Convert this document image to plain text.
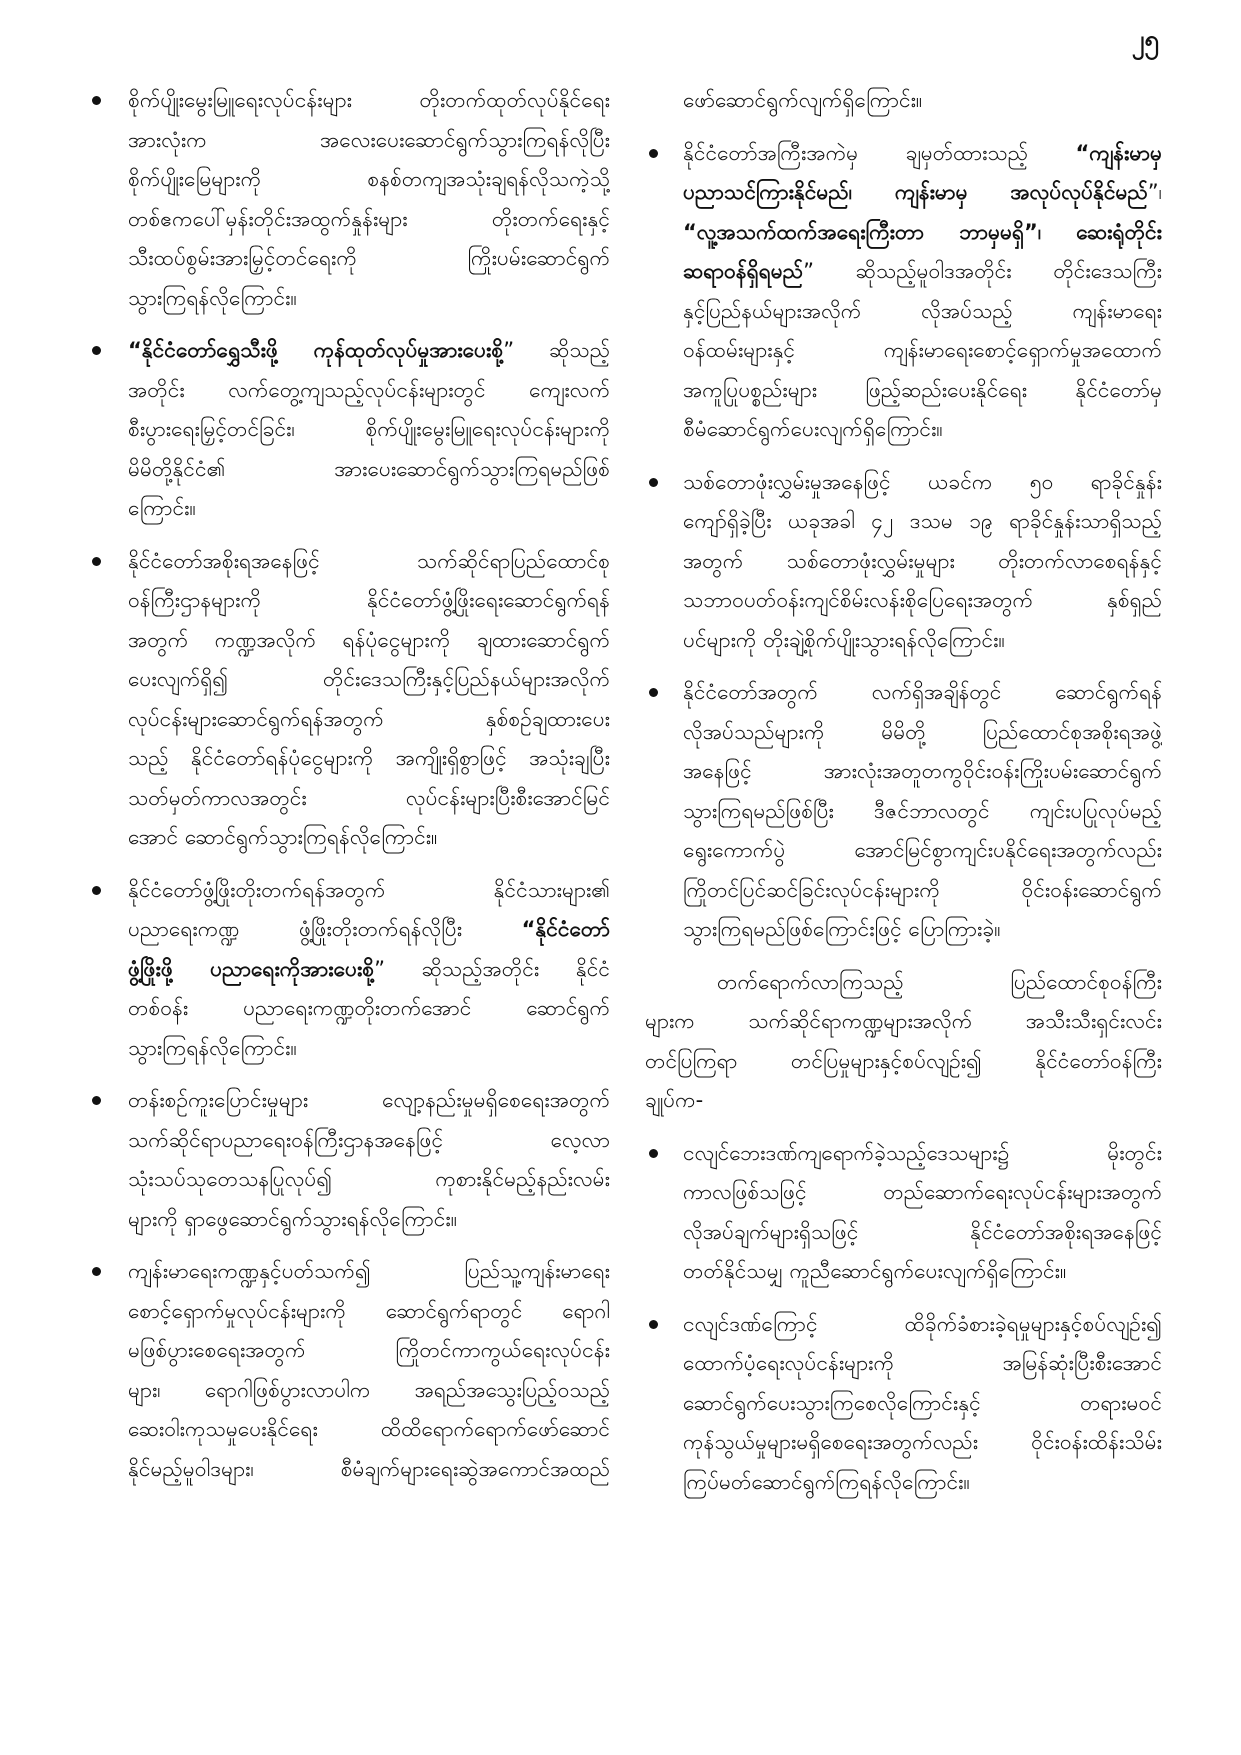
၂၅
စိုက်ပျိုးမွေးမြူရေးလုပ်ငန်းများ တိုးတက်ထုတ်လုပ်နိုင်ရေး
အားလုံးက အလေးပေးဆောင်ရွက်သွားကြရန်လိုပြီး
စိုက်ပျိုးမြေများကို စနစ်တကျအသုံးချရန်လိုသကဲ့သို့
တစ်ဧကပေါ်မှန်းတိုင်းအထွက်နှုန်းများ တိုးတက်ရေးနှင့်
သီးထပ်စွမ်းအားမြှင့်တင်ရေးကို ကြိုးပမ်းဆောင်ရွက်
သွားကြရန်လိုကြောင်း။
“နိုင်ငံတော်ရွှေသီးဖို့ ကုန်ထုတ်လုပ်မှုအားပေးစို့” ဆိုသည့်
အတိုင်း လက်တွေ့ကျသည့်လုပ်ငန်းများတွင် ကျေးလက်
စီးပွားရေးမြှင့်တင်ခြင်း၊ စိုက်ပျိုးမွေးမြူရေးလုပ်ငန်းများကို
မိမိတို့နိုင်ငံ၏ အားပေးဆောင်ရွက်သွားကြရမည်ဖြစ်
ကြောင်း။
နိုင်ငံတော်အစိုးရအနေဖြင့် သက်ဆိုင်ရာပြည်ထောင်စု
ဝန်ကြီးဌာနများကို နိုင်ငံတော်ဖွံ့ဖြိုးရေးဆောင်ရွက်ရန်
အတွက် ကဏ္ဍအလိုက် ရန်ပုံငွေများကို ချထားဆောင်ရွက်
ပေးလျက်ရှိ၍ တိုင်းဒေသကြီးနှင့်ပြည်နယ်များအလိုက်
လုပ်ငန်းများဆောင်ရွက်ရန်အတွက် နှစ်စဉ်ချထားပေး
သည့် နိုင်ငံတော်ရန်ပုံငွေများကို အကျိုးရှိစွာဖြင့် အသုံးချပြီး
သတ်မှတ်ကာလအတွင်း လုပ်ငန်းများပြီးစီးအောင်မြင်
အောင် ဆောင်ရွက်သွားကြရန်လိုကြောင်း။
နိုင်ငံတော်ဖွံ့ဖြိုးတိုးတက်ရန်အတွက် နိုင်ငံသားများ၏
ပညာရေးကဏ္ဍ ဖွံ့ဖြိုးတိုးတက်ရန်လိုပြီး “နိုင်ငံတော်
ဖွံ့ဖြိုးဖို့ ပညာရေးကိုအားပေးစို့” ဆိုသည့်အတိုင်း နိုင်ငံ
တစ်ဝန်း ပညာရေးကဏ္ဍတိုးတက်အောင် ဆောင်ရွက်
သွားကြရန်လိုကြောင်း။
တန်းစဉ်ကူးပြောင်းမှုများ လျော့နည်းမှုမရှိစေရေးအတွက်
သက်ဆိုင်ရာပညာရေးဝန်ကြီးဌာနအနေဖြင့် လေ့လာ
သုံးသပ်သုတေသနပြုလုပ်၍ ကုစားနိုင်မည့်နည်းလမ်း
များကို ရှာဖွေဆောင်ရွက်သွားရန်လိုကြောင်း။
ကျန်းမာရေးကဏ္ဍနှင့်ပတ်သက်၍ ပြည်သူ့ကျန်းမာရေး
စောင့်ရှောက်မှုလုပ်ငန်းများကို ဆောင်ရွက်ရာတွင် ရောဂါ
မဖြစ်ပွားစေရေးအတွက် ကြိုတင်ကာကွယ်ရေးလုပ်ငန်း
များ၊ ရောဂါဖြစ်ပွားလာပါက အရည်အသွေးပြည့်ဝသည့်
ဆေးဝါးကုသမှုပေးနိုင်ရေး ထိထိရောက်ရောက်ဖော်ဆောင်
နိုင်မည့်မူဝါဒများ၊ စီမံချက်များရေးဆွဲအကောင်အထည်
ဖော်ဆောင်ရွက်လျက်ရှိကြောင်း။
နိုင်ငံတော်အကြီးအကဲမှ ချမှတ်ထားသည့် “ကျန်းမာမှ
ပညာသင်ကြားနိုင်မည်၊ ကျန်းမာမှ အလုပ်လုပ်နိုင်မည်”၊
“လူ့အသက်ထက်အရေးကြီးတာ ဘာမှမရှိ”၊ ဆေးရုံတိုင်း
ဆရာဝန်ရှိရမည်” ဆိုသည့်မူဝါဒအတိုင်း တိုင်းဒေသကြီး
နှင့်ပြည်နယ်များအလိုက် လိုအပ်သည့် ကျန်းမာရေး
ဝန်ထမ်းများနှင့် ကျန်းမာရေးစောင့်ရှောက်မှုအထောက်
အကူပြုပစ္စည်းများ ဖြည့်ဆည်းပေးနိုင်ရေး နိုင်ငံတော်မှ
စီမံဆောင်ရွက်ပေးလျက်ရှိကြောင်း။
သစ်တောဖုံးလွှမ်းမှုအနေဖြင့် ယခင်က ၅၀ ရာခိုင်နှုန်း
ကျော်ရှိခဲ့ပြီး ယခုအခါ ၄၂ ဒသမ ၁၉ ရာခိုင်နှုန်းသာရှိသည့်
အတွက် သစ်တောဖုံးလွှမ်းမှုများ တိုးတက်လာစေရန်နှင့်
သဘာဝပတ်ဝန်းကျင်စိမ်းလန်းစိုပြေရေးအတွက် နှစ်ရှည်
ပင်များကို တိုးချဲ့စိုက်ပျိုးသွားရန်လိုကြောင်း။
နိုင်ငံတော်အတွက် လက်ရှိအချိန်တွင် ဆောင်ရွက်ရန်
လိုအပ်သည်များကို မိမိတို့ ပြည်ထောင်စုအစိုးရအဖွဲ့
အနေဖြင့် အားလုံးအတူတကွဝိုင်းဝန်းကြိုးပမ်းဆောင်ရွက်
သွားကြရမည်ဖြစ်ပြီး ဒီဇင်ဘာလတွင် ကျင်းပပြုလုပ်မည့်
ရွေးကောက်ပွဲ အောင်မြင်စွာကျင်းပနိုင်ရေးအတွက်လည်း
ကြိုတင်ပြင်ဆင်ခြင်းလုပ်ငန်းများကို ဝိုင်းဝန်းဆောင်ရွက်
သွားကြရမည်ဖြစ်ကြောင်းဖြင့် ပြောကြားခဲ့။
တက်ရောက်လာကြသည့် ပြည်ထောင်စုဝန်ကြီး
များက သက်ဆိုင်ရာကဏ္ဍများအလိုက် အသီးသီးရှင်းလင်း
တင်ပြကြရာ တင်ပြမှုများနှင့်စပ်လျဉ်း၍ နိုင်ငံတော်ဝန်ကြီး
ချုပ်က-
ငလျင်ဘေးဒဏ်ကျရောက်ခဲ့သည့်ဒေသများ၌ မိုးတွင်း
ကာလဖြစ်သဖြင့် တည်ဆောက်ရေးလုပ်ငန်းများအတွက်
လိုအပ်ချက်များရှိသဖြင့် နိုင်ငံတော်အစိုးရအနေဖြင့်
တတ်နိုင်သမျှ ကူညီဆောင်ရွက်ပေးလျက်ရှိကြောင်း။
ငလျင်ဒဏ်ကြောင့် ထိခိုက်ခံစားခဲ့ရမှုများနှင့်စပ်လျဉ်း၍
ထောက်ပံ့ရေးလုပ်ငန်းများကို အမြန်ဆုံးပြီးစီးအောင်
ဆောင်ရွက်ပေးသွားကြစေလိုကြောင်းနှင့် တရားမဝင်
ကုန်သွယ်မှုများမရှိစေရေးအတွက်လည်း ဝိုင်းဝန်းထိန်းသိမ်း
ကြပ်မတ်ဆောင်ရွက်ကြရန်လိုကြောင်း။
